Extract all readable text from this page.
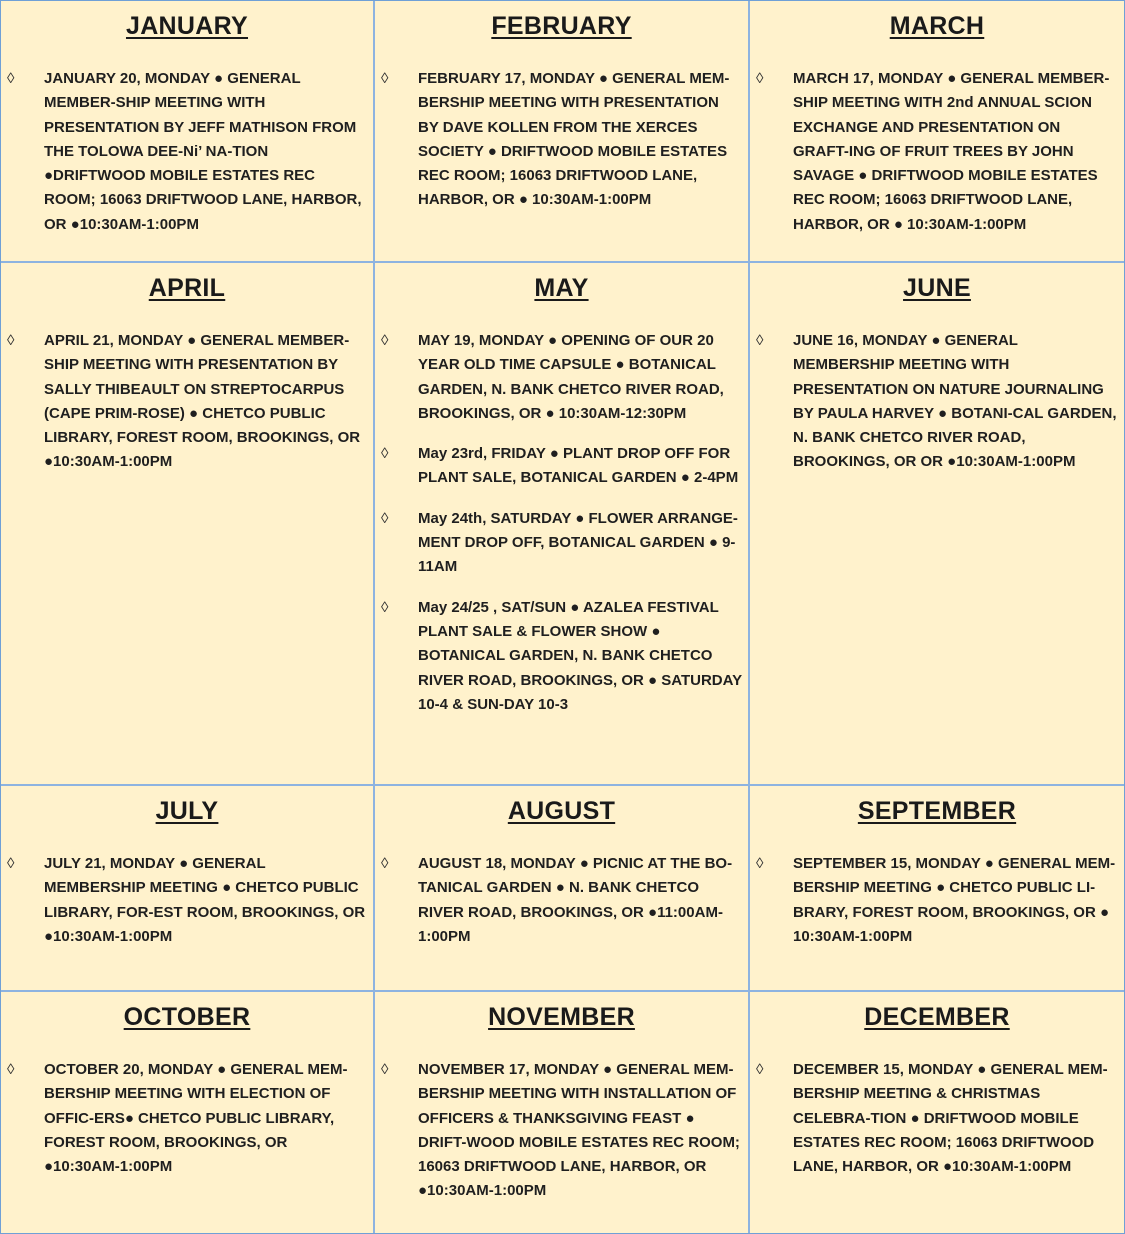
JANUARY
◊ JANUARY 20, MONDAY ● GENERAL MEMBER-SHIP MEETING WITH PRESENTATION BY JEFF MATHISON FROM THE TOLOWA DEE-Ni’ NA-TION ●DRIFTWOOD MOBILE ESTATES REC ROOM; 16063 DRIFTWOOD LANE, HARBOR, OR ●10:30AM-1:00PM
FEBRUARY
◊ FEBRUARY 17, MONDAY ● GENERAL MEM-BERSHIP MEETING WITH PRESENTATION BY DAVE KOLLEN FROM THE XERCES SOCIETY ● DRIFTWOOD MOBILE ESTATES REC ROOM; 16063 DRIFTWOOD LANE, HARBOR, OR ● 10:30AM-1:00PM
MARCH
◊ MARCH 17, MONDAY ● GENERAL MEMBER-SHIP MEETING WITH 2nd ANNUAL SCION EXCHANGE AND PRESENTATION ON GRAFT-ING OF FRUIT TREES BY JOHN SAVAGE ● DRIFTWOOD MOBILE ESTATES REC ROOM; 16063 DRIFTWOOD LANE, HARBOR, OR ● 10:30AM-1:00PM
APRIL
◊ APRIL 21, MONDAY ● GENERAL MEMBER-SHIP MEETING WITH PRESENTATION BY SALLY THIBEAULT ON STREPTOCARPUS (CAPE PRIM-ROSE) ● CHETCO PUBLIC LIBRARY, FOREST ROOM, BROOKINGS, OR ●10:30AM-1:00PM
MAY
◊ MAY 19, MONDAY ● OPENING OF OUR 20 YEAR OLD TIME CAPSULE ● BOTANICAL GARDEN, N. BANK CHETCO RIVER ROAD, BROOKINGS, OR ● 10:30AM-12:30PM
◊ May 23rd, FRIDAY ● PLANT DROP OFF FOR PLANT SALE, BOTANICAL GARDEN ● 2-4PM
◊ May 24th, SATURDAY ● FLOWER ARRANGE-MENT DROP OFF, BOTANICAL GARDEN ● 9-11AM
◊ May 24/25 , SAT/SUN ● AZALEA FESTIVAL PLANT SALE & FLOWER SHOW ● BOTANICAL GARDEN, N. BANK CHETCO RIVER ROAD, BROOKINGS, OR ● SATURDAY 10-4 & SUN-DAY 10-3
JUNE
◊ JUNE 16, MONDAY ● GENERAL MEMBERSHIP MEETING WITH PRESENTATION ON NATURE JOURNALING BY PAULA HARVEY ● BOTANI-CAL GARDEN, N. BANK CHETCO RIVER ROAD, BROOKINGS, OR OR ●10:30AM-1:00PM
JULY
◊ JULY 21, MONDAY ● GENERAL MEMBERSHIP MEETING ● CHETCO PUBLIC LIBRARY, FOR-EST ROOM, BROOKINGS, OR ●10:30AM-1:00PM
AUGUST
◊ AUGUST 18, MONDAY ● PICNIC AT THE BO-TANICAL GARDEN ● N. BANK CHETCO RIVER ROAD, BROOKINGS, OR ●11:00AM-1:00PM
SEPTEMBER
◊ SEPTEMBER 15, MONDAY ● GENERAL MEM-BERSHIP MEETING ● CHETCO PUBLIC LI-BRARY, FOREST ROOM, BROOKINGS, OR ● 10:30AM-1:00PM
OCTOBER
◊ OCTOBER 20, MONDAY ● GENERAL MEM-BERSHIP MEETING WITH ELECTION OF OFFIC-ERS● CHETCO PUBLIC LIBRARY, FOREST ROOM, BROOKINGS, OR ●10:30AM-1:00PM
NOVEMBER
◊ NOVEMBER 17, MONDAY ● GENERAL MEM-BERSHIP MEETING WITH INSTALLATION OF OFFICERS & THANKSGIVING FEAST ● DRIFT-WOOD MOBILE ESTATES REC ROOM; 16063 DRIFTWOOD LANE, HARBOR, OR ●10:30AM-1:00PM
DECEMBER
◊ DECEMBER 15, MONDAY ● GENERAL MEM-BERSHIP MEETING & CHRISTMAS CELEBRA-TION ● DRIFTWOOD MOBILE ESTATES REC ROOM; 16063 DRIFTWOOD LANE, HARBOR, OR ●10:30AM-1:00PM
